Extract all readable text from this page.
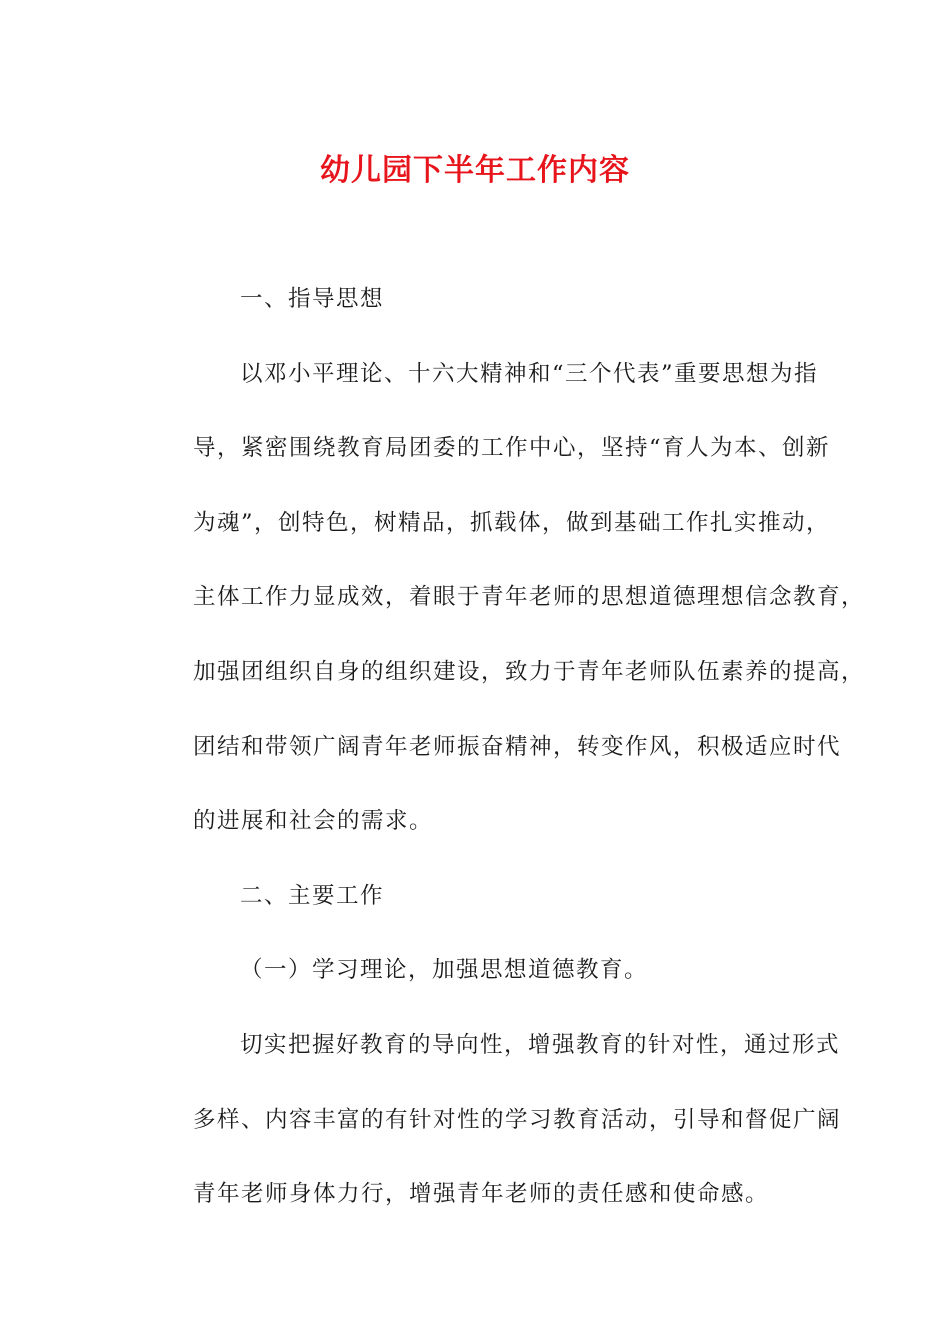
幼儿园下半年工作内容
一、指导思想
以邓小平理论、十六大精神和“三个代表”重要思想为指
导，紧密围绕教育局团委的工作中心，坚持“育人为本、创新
为魂”，创特色，树精品，抓载体，做到基础工作扎实推动，
主体工作力显成效，着眼于青年老师的思想道德理想信念教育，
加强团组织自身的组织建设，致力于青年老师队伍素养的提高，
团结和带领广阔青年老师振奋精神，转变作风，积极适应时代
的进展和社会的需求。
二、主要工作
（一）学习理论，加强思想道德教育。
切实把握好教育的导向性，增强教育的针对性，通过形式
多样、内容丰富的有针对性的学习教育活动，引导和督促广阔
青年老师身体力行，增强青年老师的责任感和使命感。
